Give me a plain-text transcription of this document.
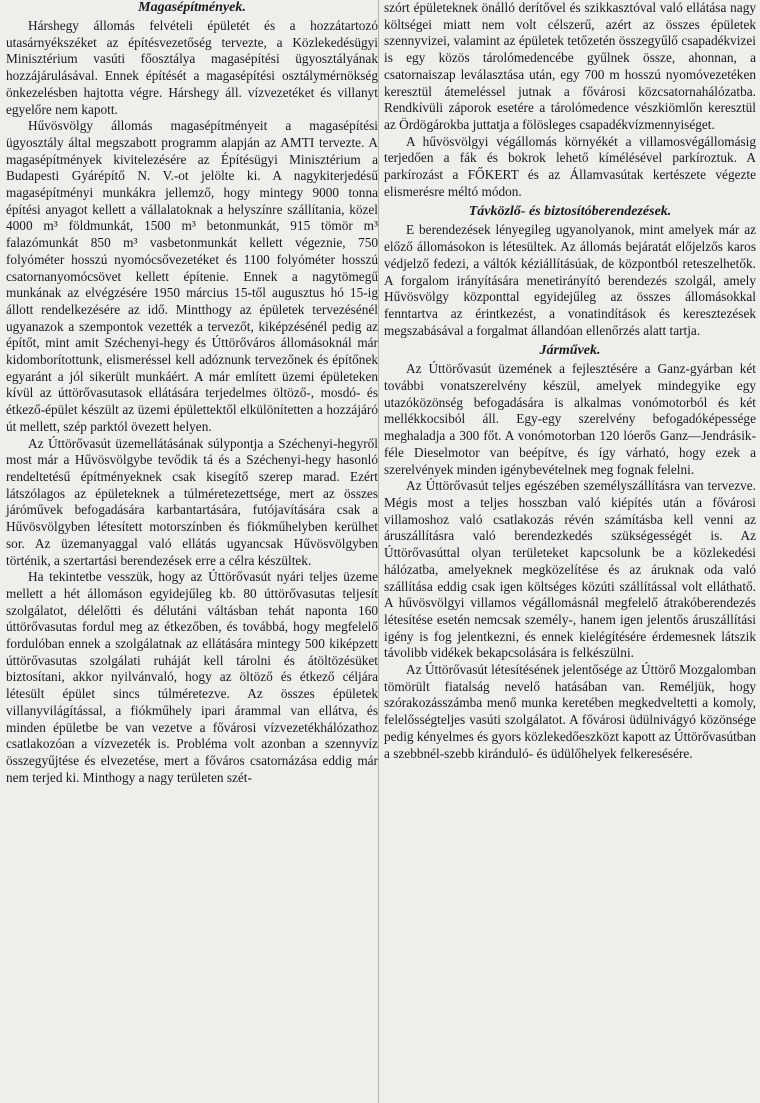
Magasépítmények.

Hárshegy állomás felvételi épületét és a hozzátartozó utasárnyékszéket az építésvezetőség tervezte, a Közlekedésügyi Minisztérium vasúti főosztálya magasépítési ügyosztályának hozzájárulásával. Ennek építését a magasépítési osztálymérnökség önkezelésben hajtotta végre. Hárshegy áll. vízvezetéket és villanyt egyelőre nem kapott.

Hűvösvölgy állomás magasépítményeit a magasépítési ügyosztály által megszabott programm alapján az AMTI tervezte. A magasépítmények kivitelezésére az Építésügyi Minisztérium a Budapesti Gyárépítő N. V.-ot jelölte ki. A nagykiterjedésű magasépítményi munkákra jellemző, hogy mintegy 9000 tonna építési anyagot kellett a vállalatoknak a helyszínre szállítania, közel 4000 m³ földmunkát, 1500 m³ betonmunkát, 915 tömör m³ falazómunkát 850 m³ vasbetonmunkát kellett végeznie, 750 folyóméter hosszú nyomócsővezetéket és 1100 folyóméter hosszú csatornanyomócsövet kellett építenie. Ennek a nagytömegű munkának az elvégzésére 1950 március 15-től augusztus hó 15-ig állott rendelkezésére az idő. Mintthogy az épületek tervezésénél ugyanazok a szempontok vezették a tervezőt, kiképzésénél pedig az építőt, mint amit Széchenyi-hegy és Úttörőváros állomásoknál már kidomborítottunk, elismeréssel kell adóznunk tervezőnek és építőnek egyaránt a jól sikerült munkáért. A már említett üzemi épületeken kívül az úttörővasutasok ellátására terjedelmes öltöző-, mosdó- és étkező-épület készült az üzemi épülettektől elkülönítetten a hozzájáró út mellett, szép parktól övezett helyen.

Az Úttörővasút üzemellátásának súlypontja a Széchenyi-hegyről most már a Hűvösvölgybe tevődik tá és a Széchenyi-hegy hasonló rendeltetésű építményeknek csak kisegítő szerep marad. Ezért látszólagos az épületeknek a túlméretezettsége, mert az összes járóművek befogadására karbantartására, futójavítására csak a Hűvösvölgyben létesített motorszínben és fiókműhelyben kerülhet sor. Az üzemanyaggal való ellátás ugyancsak Hűvösvölgyben történik, a szertartási berendezések erre a célra készültek.

Ha tekintetbe vesszük, hogy az Úttörővasút nyári teljes üzeme mellett a hét állomáson egyidejűleg kb. 80 úttörővasutas teljesít szolgálatot, délelőtti és délutáni váltásban tehát naponta 160 úttörővasutas fordul meg az étkezőben, és továbbá, hogy megfelelő fordulóban ennek a szolgálatnak az ellátására mintegy 500 kiképzett úttörővasutas szolgálati ruháját kell tárolni és átöltözésüket biztosítani, akkor nyilvánvaló, hogy az öltöző és étkező céljára létesült épület sincs túlméretezve. Az összes épületek villanyvilágítással, a fiókműhely ipari árammal van ellátva, és minden épületbe be van vezetve a fővárosi vízvezetékhálózathoz csatlakozóan a vízvezeték is. Probléma volt azonban a szennyvíz összegyűjtése és elvezetése, mert a főváros csatornázása eddig már nem terjed ki. Minthogy a nagy területen szét-

szórt épületeknek önálló derítővel és szikkasztóval való ellátása nagy költségei miatt nem volt célszerű, azért az összes épületek szennyvizei, valamint az épületek tetőzetén összegyűlő csapadékvizei is egy közös tárolómedencébe gyűlnek össze, ahonnan, a csatornaiszap leválasztása után, egy 700 m hosszú nyomóvezetéken keresztül átemeléssel jutnak a fővárosi közcsatornahálózatba. Rendkívüli záporok esetére a tárolómedence vészkiömlőn keresztül az Ördögárokba juttatja a fölösleges csapadékvízmennyiséget.

A hűvösvölgyi végállomás környékét a villamosvégállomásig terjedően a fák és bokrok lehető kímélésével parkíroztuk. A parkírozást a FŐKERT és az Államvasútak kertészete végezte elismerésre méltó módon.

Távközlő- és biztosítóberendezések.

E berendezések lényegileg ugyanolyanok, mint amelyek már az előző állomásokon is létesültek. Az állomás bejáratát előjelzős karos védjelző fedezi, a váltók kéziállításúak, de központból reteszelhetők. A forgalom irányítására menetirányító berendezés szolgál, amely Hűvösvölgy központtal egyidejűleg az összes állomásokkal fenntartva az érintkezést, a vonatindítások és keresztezések megszabásával a forgalmat állandóan ellenőrzés alatt tartja.

Járművek.

Az Úttörővasút üzemének a fejlesztésére a Ganz-gyárban két további vonatszerelvény készül, amelyek mindegyike egy utazóközönség befogadására is alkalmas vonómotorból és két mellékkocsiból áll. Egy-egy szerelvény befogadóképessége meghaladja a 300 főt. A vonómotorban 120 lóerős Ganz—Jendrásik-féle Dieselmotor van beépítve, és így várható, hogy ezek a szerelvények minden igénybevételnek meg fognak felelni.

Az Úttörővasút teljes egészében személyszállításra van tervezve. Mégis most a teljes hosszban való kiépítés után a fővárosi villamoshoz való csatlakozás révén számításba kell venni az áruszállításra való berendezkedés szükségességét is. Az Úttörővasúttal olyan területeket kapcsolunk be a közlekedési hálózatba, amelyeknek megközelítése és az áruknak oda való szállítása eddig csak igen költséges közúti szállítással volt elláthatő. A hűvösvölgyi villamos végállomásnál megfelelő átrakóberendezés létesítése esetén nemcsak személy-, hanem igen jelentős áruszállítási igény is fog jelentkezni, és ennek kielégítésére érdemesnek látszik távolibb vidékek bekapcsolására is felkészülni.

Az Úttörővasút létesítésének jelentősége az Úttörő Mozgalomban tömörült fiatalság nevelő hatásában van. Reméljük, hogy szórakozásszámba menő munka keretében megkedveltetti a komoly, felelősségteljes vasúti szolgálatot. A fővárosi üdülnivágyó közönsége pedig kényelmes és gyors közlekedőeszközt kapott az Úttörővasútban a szebbnél-szebb kiránduló- és üdülőhelyek felkeresésére.
